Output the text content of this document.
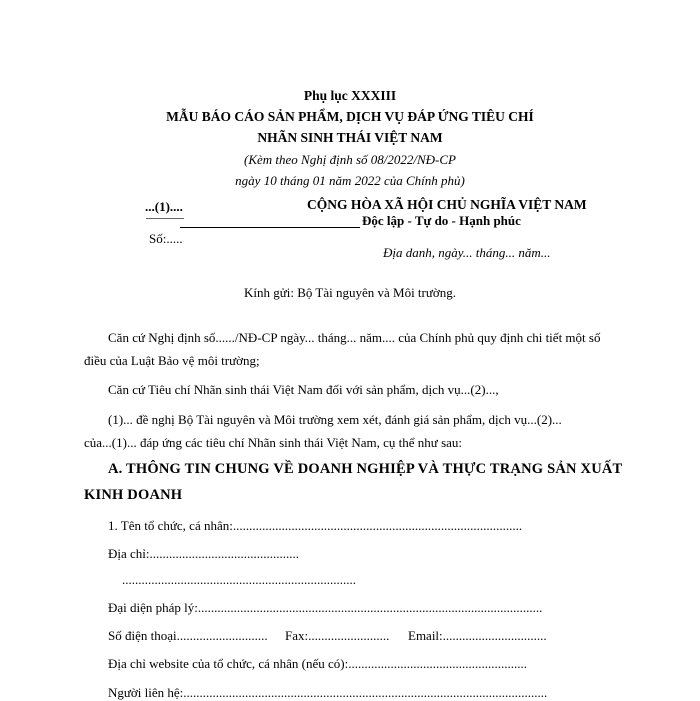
Phụ lục XXXIII
MẪU BÁO CÁO SẢN PHẨM, DỊCH VỤ ĐÁP ỨNG TIÊU CHÍ
NHÃN SINH THÁI VIỆT NAM
(Kèm theo Nghị định số 08/2022/NĐ-CP
ngày 10 tháng 01 năm 2022 của Chính phủ)
...(1)....	CỘNG HÒA XÃ HỘI CHỦ NGHĨA VIỆT NAM
Độc lập - Tự do - Hạnh phúc
Số:.....
Địa danh, ngày... tháng... năm...
Kính gửi: Bộ Tài nguyên và Môi trường.
Căn cứ Nghị định số....../NĐ-CP ngày... tháng... năm.... của Chính phủ quy định chi tiết một số
điều của Luật Bảo vệ môi trường;
Căn cứ Tiêu chí Nhãn sinh thái Việt Nam đối với sản phẩm, dịch vụ...(2)...,
(1)... đề nghị Bộ Tài nguyên và Môi trường xem xét, đánh giá sản phẩm, dịch vụ...(2)...
của...(1)... đáp ứng các tiêu chí Nhãn sinh thái Việt Nam, cụ thể như sau:
A. THÔNG TIN CHUNG VỀ DOANH NGHIỆP VÀ THỰC TRẠNG SẢN XUẤT
KINH DOANH
1. Tên tổ chức, cá nhân:.........................................................................................
Địa chỉ:..............................................
........................................................................
Đại diện pháp lý:..........................................................................................................
Số điện thoại............................ Fax:......................... Email:................................
Địa chỉ website của tổ chức, cá nhân (nếu có):.......................................................
Người liên hệ:................................................................................................................
